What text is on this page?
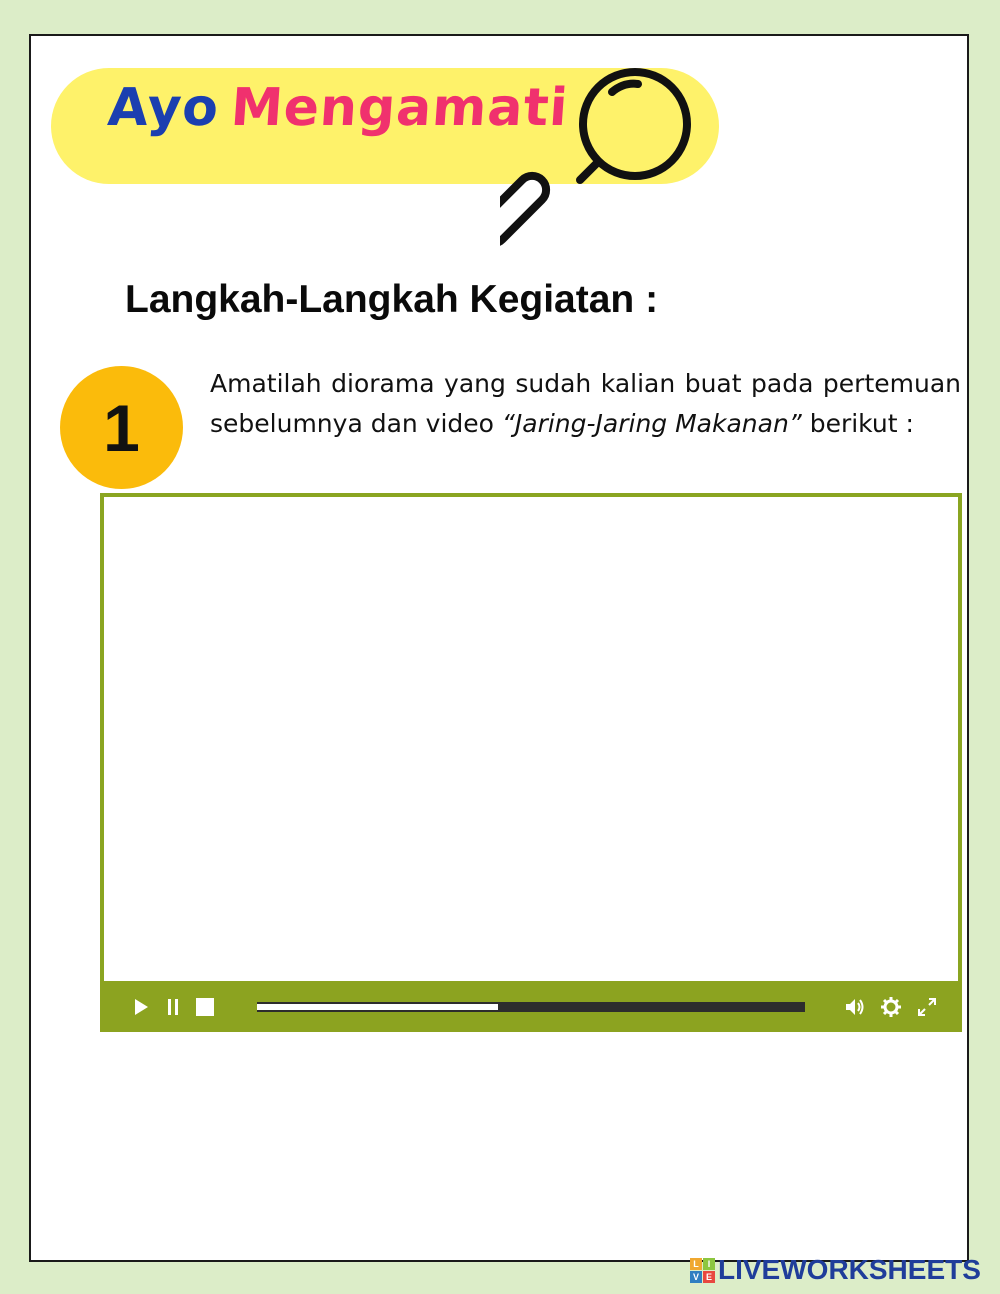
Ayo Mengamati
Langkah-Langkah Kegiatan :
1
Amatilah diorama yang sudah kalian buat pada pertemuan sebelumnya dan video “Jaring-Jaring Makanan” berikut :
L I
V E LIVEWORKSHEETS
